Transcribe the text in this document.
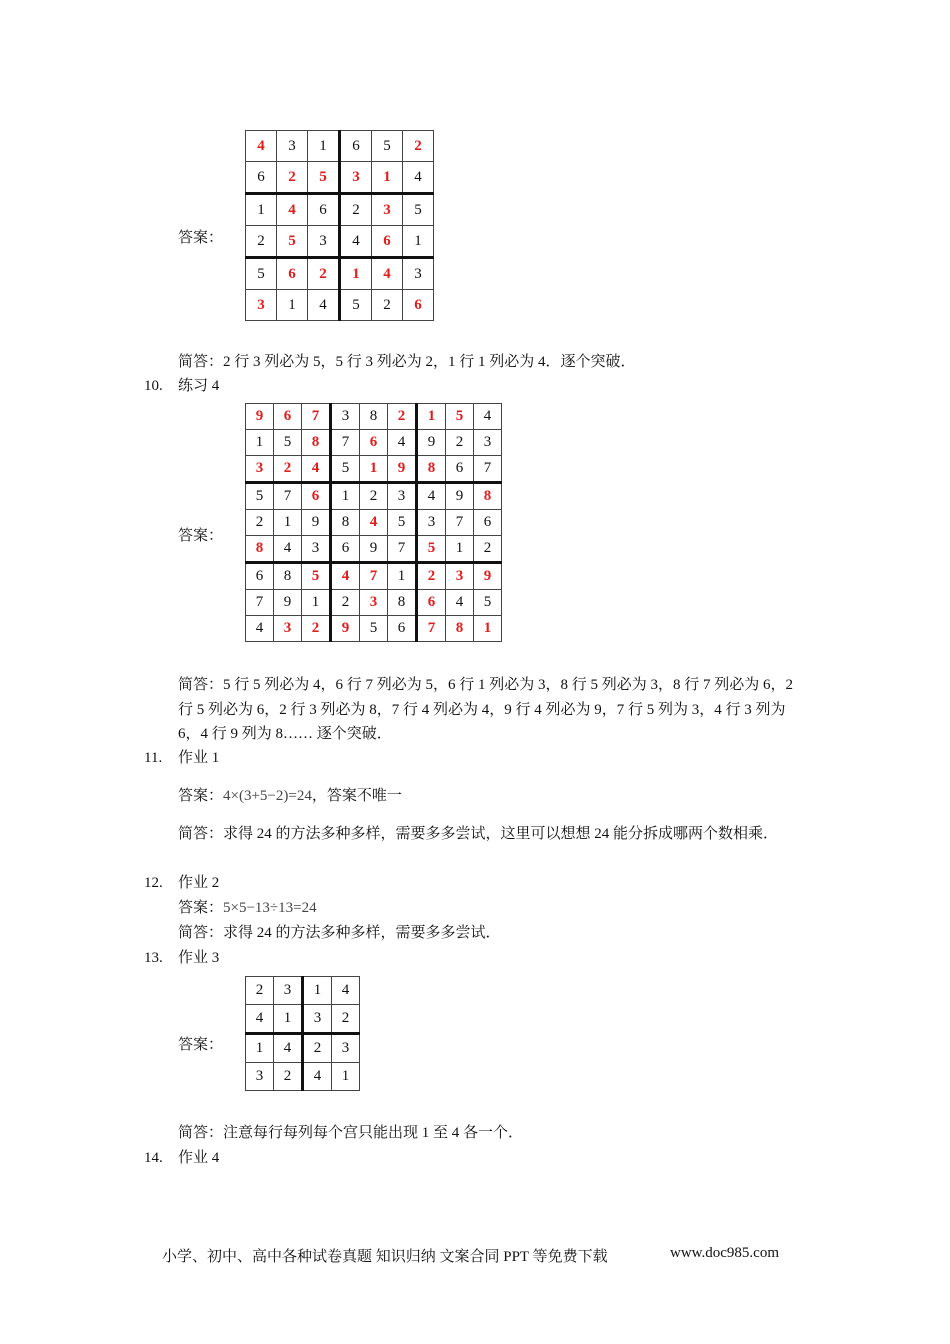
答案：
4	3	1	6	5	2
6	2	5	3	1	4
1	4	6	2	3	5
2	5	3	4	6	1
5	6	2	1	4	3
3	1	4	5	2	6
简答：2 行 3 列必为 5，5 行 3 列必为 2，1 行 1 列必为 4．逐个突破．
10. 练习 4
答案：
9	6	7	3	8	2	1	5	4
1	5	8	7	6	4	9	2	3
3	2	4	5	1	9	8	6	7
5	7	6	1	2	3	4	9	8
2	1	9	8	4	5	3	7	6
8	4	3	6	9	7	5	1	2
6	8	5	4	7	1	2	3	9
7	9	1	2	3	8	6	4	5
4	3	2	9	5	6	7	8	1
简答：5 行 5 列必为 4，6 行 7 列必为 5，6 行 1 列必为 3，8 行 5 列必为 3，8 行 7 列必为 6，2 行 5 列必为 6，2 行 3 列必为 8，7 行 4 列必为 4，9 行 4 列必为 9，7 行 5 列为 3，4 行 3 列为 6，4 行 9 列为 8…… 逐个突破．
11. 作业 1
答案：4×(3+5−2)=24，答案不唯一
简答：求得 24 的方法多种多样，需要多多尝试，这里可以想想 24 能分拆成哪两个数相乘．
12. 作业 2
答案：5×5−13÷13=24
简答：求得 24 的方法多种多样，需要多多尝试．
13. 作业 3
答案：
2	3	1	4
4	1	3	2
1	4	2	3
3	2	4	1
简答：注意每行每列每个宫只能出现 1 至 4 各一个．
14. 作业 4
小学、初中、高中各种试卷真题 知识归纳 文案合同 PPT 等免费下载	www.doc985.com
